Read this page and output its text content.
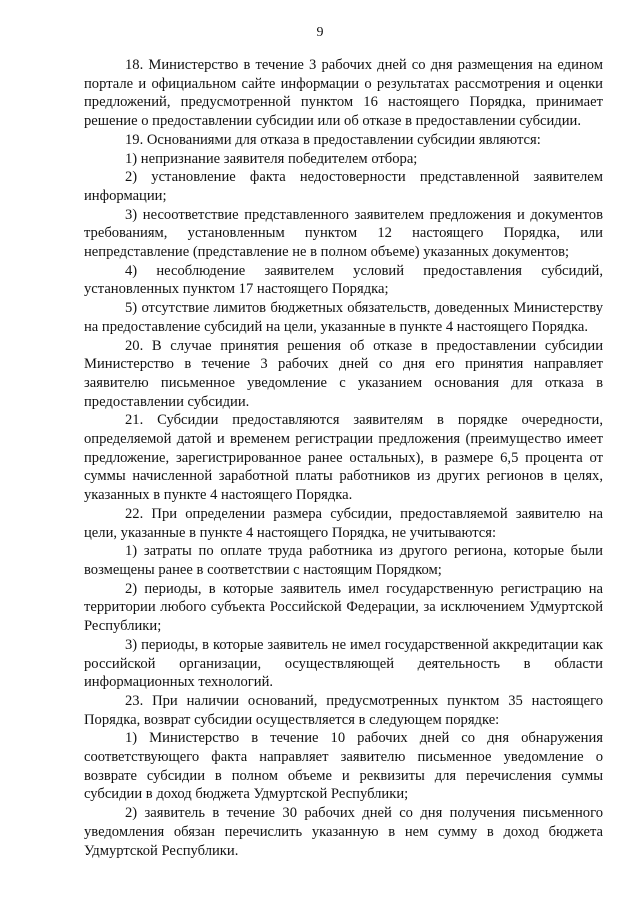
9

18. Министерство в течение 3 рабочих дней со дня размещения на едином портале и официальном сайте информации о результатах рассмотрения и оценки предложений, предусмотренной пунктом 16 настоящего Порядка, принимает решение о предоставлении субсидии или об отказе в предоставлении субсидии.

19. Основаниями для отказа в предоставлении субсидии являются:

1) непризнание заявителя победителем отбора;

2) установление факта недостоверности представленной заявителем информации;

3) несоответствие представленного заявителем предложения и документов требованиям, установленным пунктом 12 настоящего Порядка, или непредставление (представление не в полном объеме) указанных документов;

4) несоблюдение заявителем условий предоставления субсидий, установленных пунктом 17 настоящего Порядка;

5) отсутствие лимитов бюджетных обязательств, доведенных Министерству на предоставление субсидий на цели, указанные в пункте 4 настоящего Порядка.

20. В случае принятия решения об отказе в предоставлении субсидии Министерство в течение 3 рабочих дней со дня его принятия направляет заявителю письменное уведомление с указанием основания для отказа в предоставлении субсидии.

21. Субсидии предоставляются заявителям в порядке очередности, определяемой датой и временем регистрации предложения (преимущество имеет предложение, зарегистрированное ранее остальных), в размере 6,5 процента от суммы начисленной заработной платы работников из других регионов в целях, указанных в пункте 4 настоящего Порядка.

22. При определении размера субсидии, предоставляемой заявителю на цели, указанные в пункте 4 настоящего Порядка, не учитываются:

1) затраты по оплате труда работника из другого региона, которые были возмещены ранее в соответствии с настоящим Порядком;

2) периоды, в которые заявитель имел государственную регистрацию на территории любого субъекта Российской Федерации, за исключением Удмуртской Республики;

3) периоды, в которые заявитель не имел государственной аккредитации как российской организации, осуществляющей деятельность в области информационных технологий.

23. При наличии оснований, предусмотренных пунктом 35 настоящего Порядка, возврат субсидии осуществляется в следующем порядке:

1) Министерство в течение 10 рабочих дней со дня обнаружения соответствующего факта направляет заявителю письменное уведомление о возврате субсидии в полном объеме и реквизиты для перечисления суммы субсидии в доход бюджета Удмуртской Республики;

2) заявитель в течение 30 рабочих дней со дня получения письменного уведомления обязан перечислить указанную в нем сумму в доход бюджета Удмуртской Республики.
